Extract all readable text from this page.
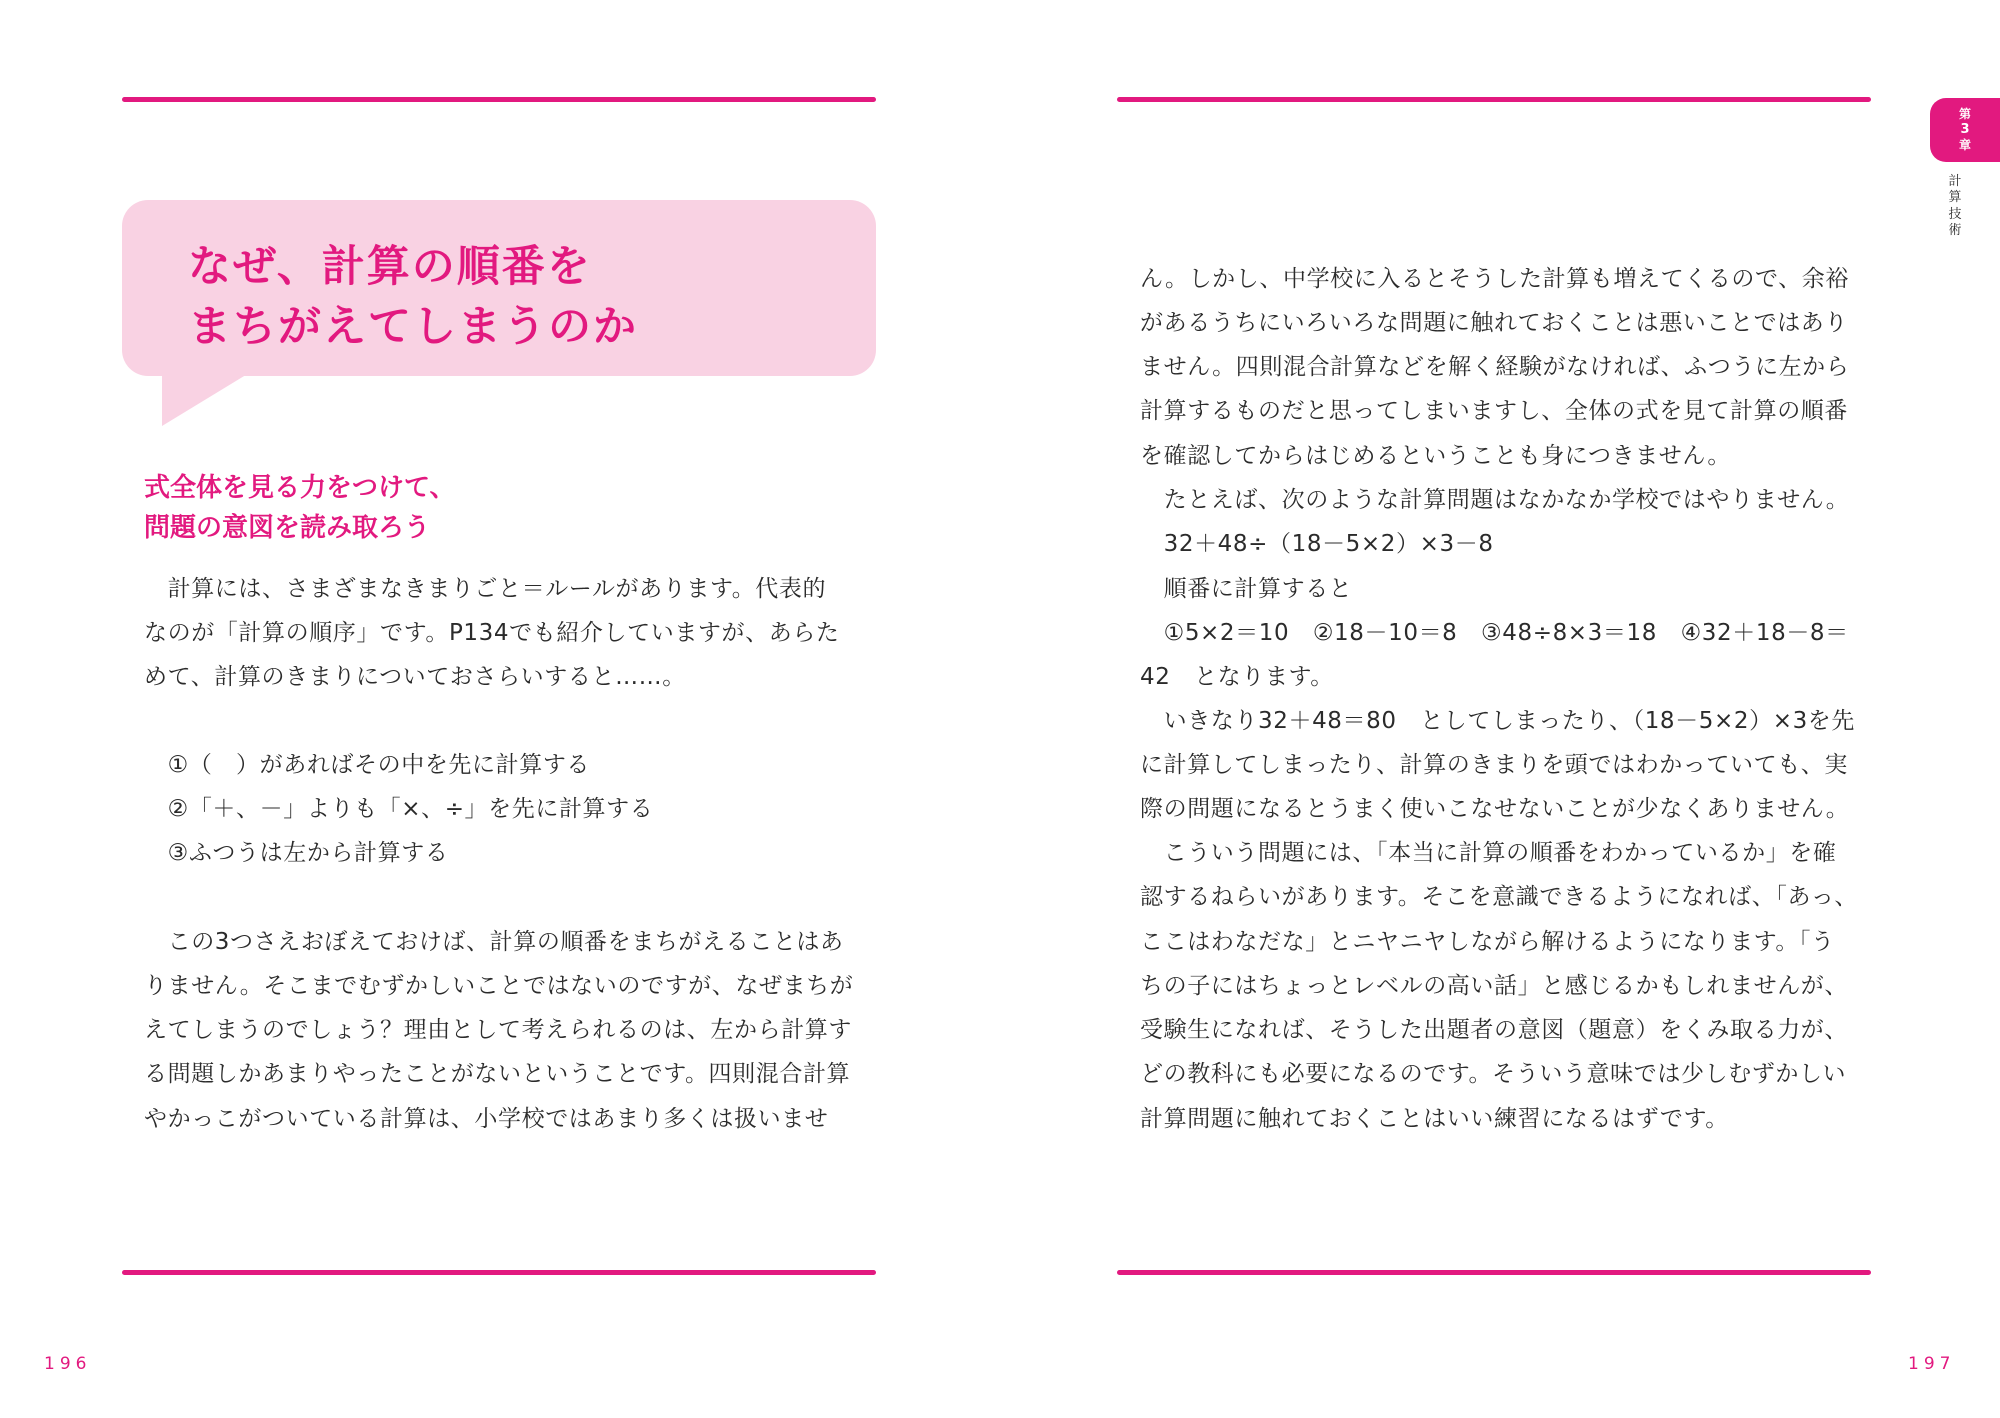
なぜ、計算の順番を
まちがえてしまうのか
式全体を見る力をつけて、
問題の意図を読み取ろう
　計算には、さまざまなきまりごと＝ルールがあります。代表的
なのが「計算の順序」です。P134でも紹介していますが、あらた
めて、計算のきまりについておさらいすると……。
　①（　）があればその中を先に計算する
　②「＋、－」よりも「×、÷」を先に計算する
　③ふつうは左から計算する
　この3つさえおぼえておけば、計算の順番をまちがえることはあ
りません。そこまでむずかしいことではないのですが、なぜまちが
えてしまうのでしょう？理由として考えられるのは、左から計算す
る問題しかあまりやったことがないということです。四則混合計算
やかっこがついている計算は、小学校ではあまり多くは扱いませ
196
ん。しかし、中学校に入るとそうした計算も増えてくるので、余裕
があるうちにいろいろな問題に触れておくことは悪いことではあり
ません。四則混合計算などを解く経験がなければ、ふつうに左から
計算するものだと思ってしまいますし、全体の式を見て計算の順番
を確認してからはじめるということも身につきません。
　たとえば、次のような計算問題はなかなか学校ではやりません。
　32＋48÷（18－5×2）×3－8
　順番に計算すると
　①5×2＝10　②18－10＝8　③48÷8×3＝18　④32＋18－8＝
42　となります。
　いきなり32＋48＝80　としてしまったり、（18－5×2）×3を先
に計算してしまったり、計算のきまりを頭ではわかっていても、実
際の問題になるとうまく使いこなせないことが少なくありません。
　こういう問題には、「本当に計算の順番をわかっているか」を確
認するねらいがあります。そこを意識できるようになれば、「あっ、
ここはわなだな」とニヤニヤしながら解けるようになります。「う
ちの子にはちょっとレベルの高い話」と感じるかもしれませんが、
受験生になれば、そうした出題者の意図（題意）をくみ取る力が、
どの教科にも必要になるのです。そういう意味では少しむずかしい
計算問題に触れておくことはいい練習になるはずです。
197
第
3
章
計
算
技
術
